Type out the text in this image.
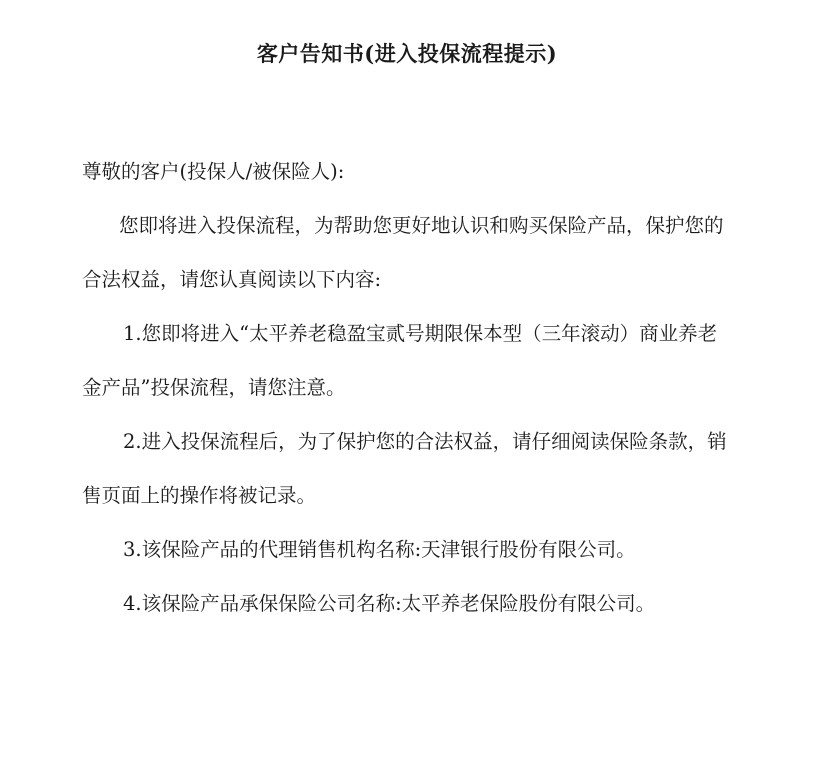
客户告知书(进入投保流程提示)
尊敬的客户(投保人/被保险人):

您即将进入投保流程，为帮助您更好地认识和购买保险产品，保护您的合法权益，请您认真阅读以下内容:

1.您即将进入“太平养老稳盈宝贰号期限保本型（三年滚动）商业养老金产品”投保流程，请您注意。

2.进入投保流程后，为了保护您的合法权益，请仔细阅读保险条款，销售页面上的操作将被记录。

3.该保险产品的代理销售机构名称:天津银行股份有限公司。

4.该保险产品承保保险公司名称:太平养老保险股份有限公司。
